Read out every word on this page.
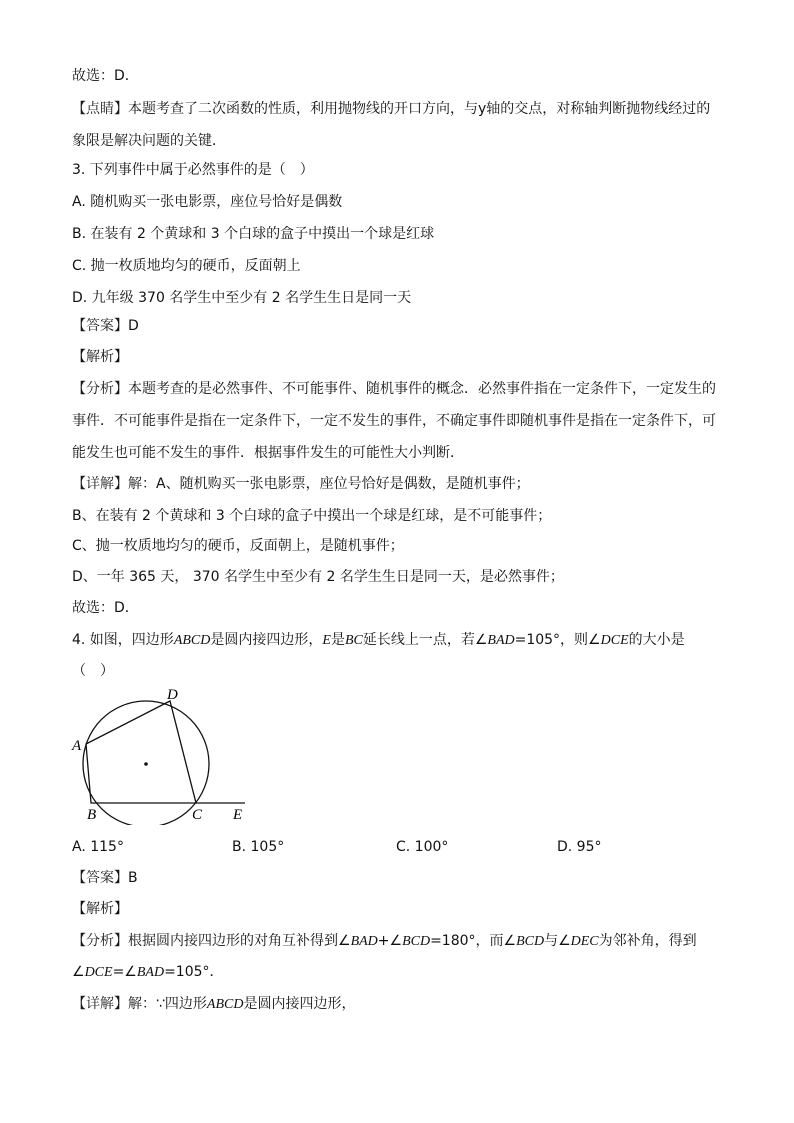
故选：D．
【点睛】本题考查了二次函数的性质，利用抛物线的开口方向，与y轴的交点，对称轴判断抛物线经过的
象限是解决问题的关键．
3. 下列事件中属于必然事件的是（　）
A. 随机购买一张电影票，座位号恰好是偶数
B. 在装有 2 个黄球和 3 个白球的盒子中摸出一个球是红球
C. 抛一枚质地均匀的硬币，反面朝上
D. 九年级 370 名学生中至少有 2 名学生生日是同一天
【答案】D
【解析】
【分析】本题考查的是必然事件、不可能事件、随机事件的概念．必然事件指在一定条件下，一定发生的
事件．不可能事件是指在一定条件下，一定不发生的事件，不确定事件即随机事件是指在一定条件下，可
能发生也可能不发生的事件．根据事件发生的可能性大小判断．
【详解】解：A、随机购买一张电影票，座位号恰好是偶数，是随机事件；
B、在装有 2 个黄球和 3 个白球的盒子中摸出一个球是红球，是不可能事件；
C、抛一枚质地均匀的硬币，反面朝上，是随机事件；
D、一年 365 天， 370 名学生中至少有 2 名学生生日是同一天，是必然事件；
故选：D．
4. 如图，四边形ABCD是圆内接四边形，E是BC延长线上一点，若∠BAD=105°，则∠DCE的大小是
（　）
A
D
B	C E
A. 115°	B. 105°	C. 100°	D. 95°
【答案】B
【解析】
【分析】根据圆内接四边形的对角互补得到∠BAD+∠BCD=180°，而∠BCD与∠DEC为邻补角，得到
∠DCE=∠BAD=105°．
【详解】解：∵四边形ABCD是圆内接四边形，
